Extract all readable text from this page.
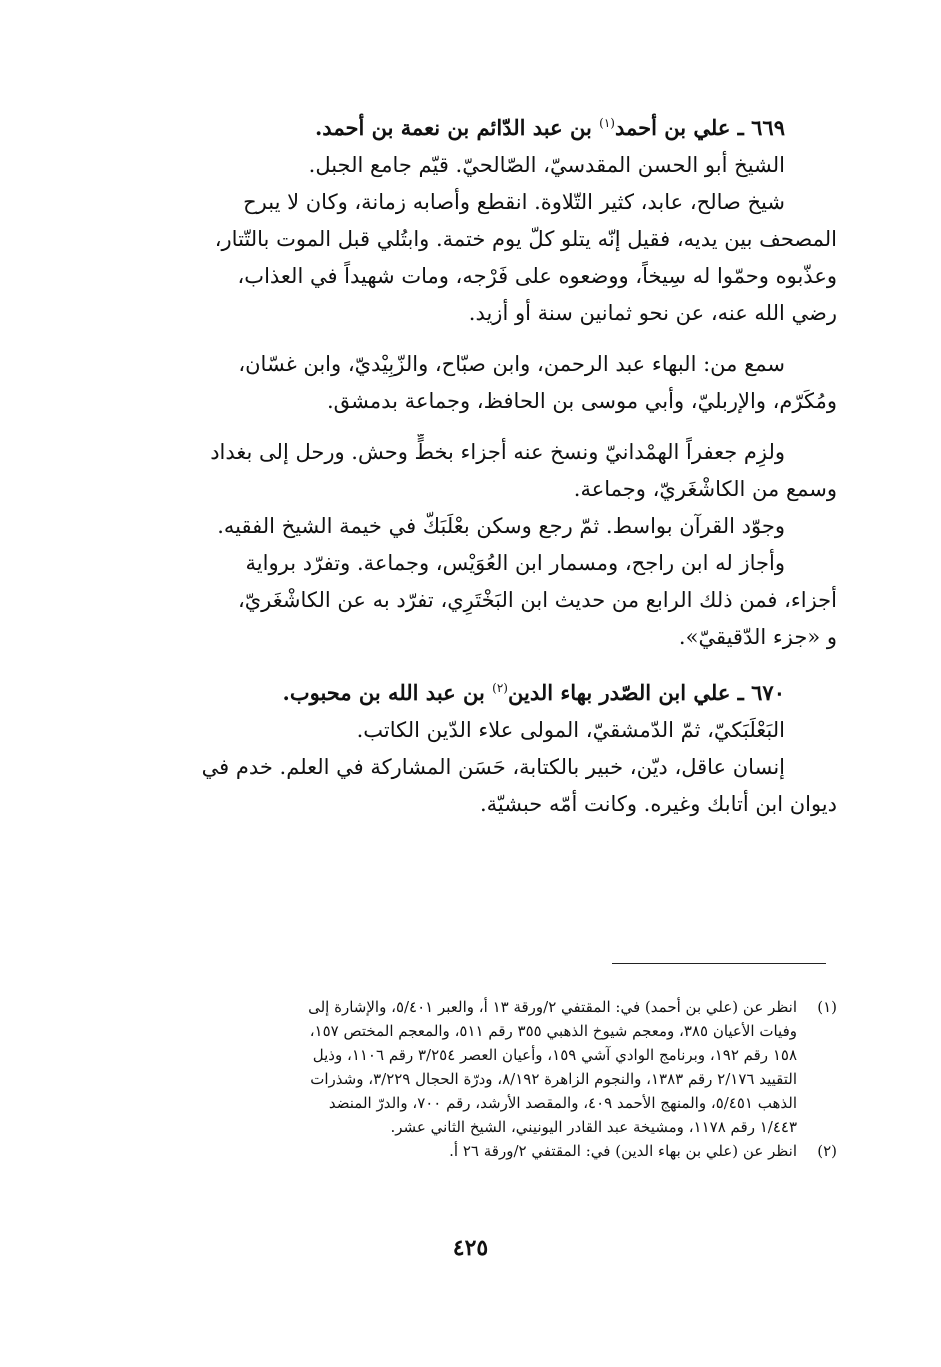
٦٦٩ ـ علي بن أحمد$^{(١)}$ بن عبد الدّائم بن نعمة بن أحمد.
الشيخ أبو الحسن المقدسيّ، الصّالحيّ. قيّم جامع الجبل.
شيخ صالح، عابد، كثير التّلاوة. انقطع وأصابه زمانة، وكان لا يبرح
المصحف بين يديه، فقيل إنّه يتلو كلّ يوم ختمة. وابتُلي قبل الموت بالتّتار،
وعذّبوه وحمّوا له سِيخاً، ووضعوه على فَرْجه، ومات شهيداً في العذاب،
رضي الله عنه، عن نحو ثمانين سنة أو أزيد.
سمع من: البهاء عبد الرحمن، وابن صبّاح، والزّبِيْديّ، وابن غسّان،
ومُكَرّم، والإربليّ، وأبي موسى بن الحافظ، وجماعة بدمشق.
ولزِم جعفراً الهمْدانيّ ونسخ عنه أجزاء بخطٍّ وحش. ورحل إلى بغداد
وسمع من الكاشْغَريّ، وجماعة.
وجوّد القرآن بواسط. ثمّ رجع وسكن بعْلَبَكّ في خيمة الشيخ الفقيه.
وأجاز له ابن راجح، ومسمار ابن العُوَيْس، وجماعة. وتفرّد برواية
أجزاء، فمن ذلك الرابع من حديث ابن البَخْتَرِي، تفرّد به عن الكاشْغَريّ،
و «جزء الدّقيقيّ».
٦٧٠ ـ علي ابن الصّدر بهاء الدين$^{(٢)}$ بن عبد الله بن محبوب.
البَعْلَبَكيّ، ثمّ الدّمشقيّ، المولى علاء الدّين الكاتب.
إنسان عاقل، ديّن، خبير بالكتابة، حَسَن المشاركة في العلم. خدم في
ديوان ابن أتابك وغيره. وكانت أمّه حبشيّة.
(١)انظر عن (علي بن أحمد) في: المقتفي ٢/ورقة ١٣ أ، والعبر ٥/٤٠١، والإشارة إلى
وفيات الأعيان ٣٨٥، ومعجم شيوخ الذهبي ٣٥٥ رقم ٥١١، والمعجم المختص ١٥٧،
١٥٨ رقم ١٩٢، وبرنامج الوادي آشي ١٥٩، وأعيان العصر ٣/٢٥٤ رقم ١١٠٦، وذيل
التقييد ٢/١٧٦ رقم ١٣٨٣، والنجوم الزاهرة ٨/١٩٢، ودرّة الحجال ٣/٢٢٩، وشذرات
الذهب ٥/٤٥١، والمنهج الأحمد ٤٠٩، والمقصد الأرشد، رقم ٧٠٠، والدرّ المنضد
١/٤٤٣ رقم ١١٧٨، ومشيخة عبد القادر اليونيني، الشيخ الثاني عشر.
(٢)انظر عن (علي بن بهاء الدين) في: المقتفي ٢/ورقة ٢٦ أ.
٤٢٥
